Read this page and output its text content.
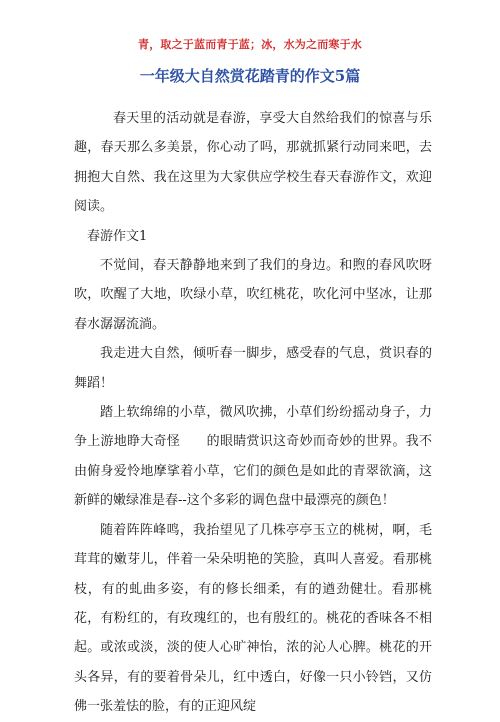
青，取之于蓝而青于蓝；冰，水为之而寒于水
一年级大自然赏花踏青的作文5篇

春天里的活动就是春游，享受大自然给我们的惊喜与乐趣，春天那么多美景，你心动了吗，那就抓紧行动同来吧，去拥抱大自然、我在这里为大家供应学校生春天春游作文，欢迎阅读。

春游作文1

不觉间，春天静静地来到了我们的身边。和煦的春风吹呀吹，吹醒了大地，吹绿小草，吹红桃花，吹化河中坚冰，让那春水潺潺流淌。

我走进大自然，倾听春一脚步，感受春的气息，赏识春的舞蹈！

踏上软绵绵的小草，微风吹拂，小草们纷纷摇动身子，力争上游地睁大奇怪　　的眼睛赏识这奇妙而奇妙的世界。我不由俯身爱怜地摩挲着小草，它们的颜色是如此的青翠欲滴，这新鲜的嫩绿准是春--这个多彩的调色盘中最漂亮的颜色！

随着阵阵峰鸣，我抬望见了几株亭亭玉立的桃树，啊，毛茸茸的嫩芽儿，伴着一朵朵明艳的笑脸，真叫人喜爱。看那桃枝，有的虬曲多姿，有的修长细柔，有的遒劲健壮。看那桃花，有粉红的，有玫瑰红的，也有殷红的。桃花的香味各不相起。或浓或淡，淡的使人心旷神怡，浓的沁人心脾。桃花的开头各异，有的要着骨朵儿，红中透白，好像一只小铃铛，又仿佛一张羞怯的脸，有的正迎风绽
